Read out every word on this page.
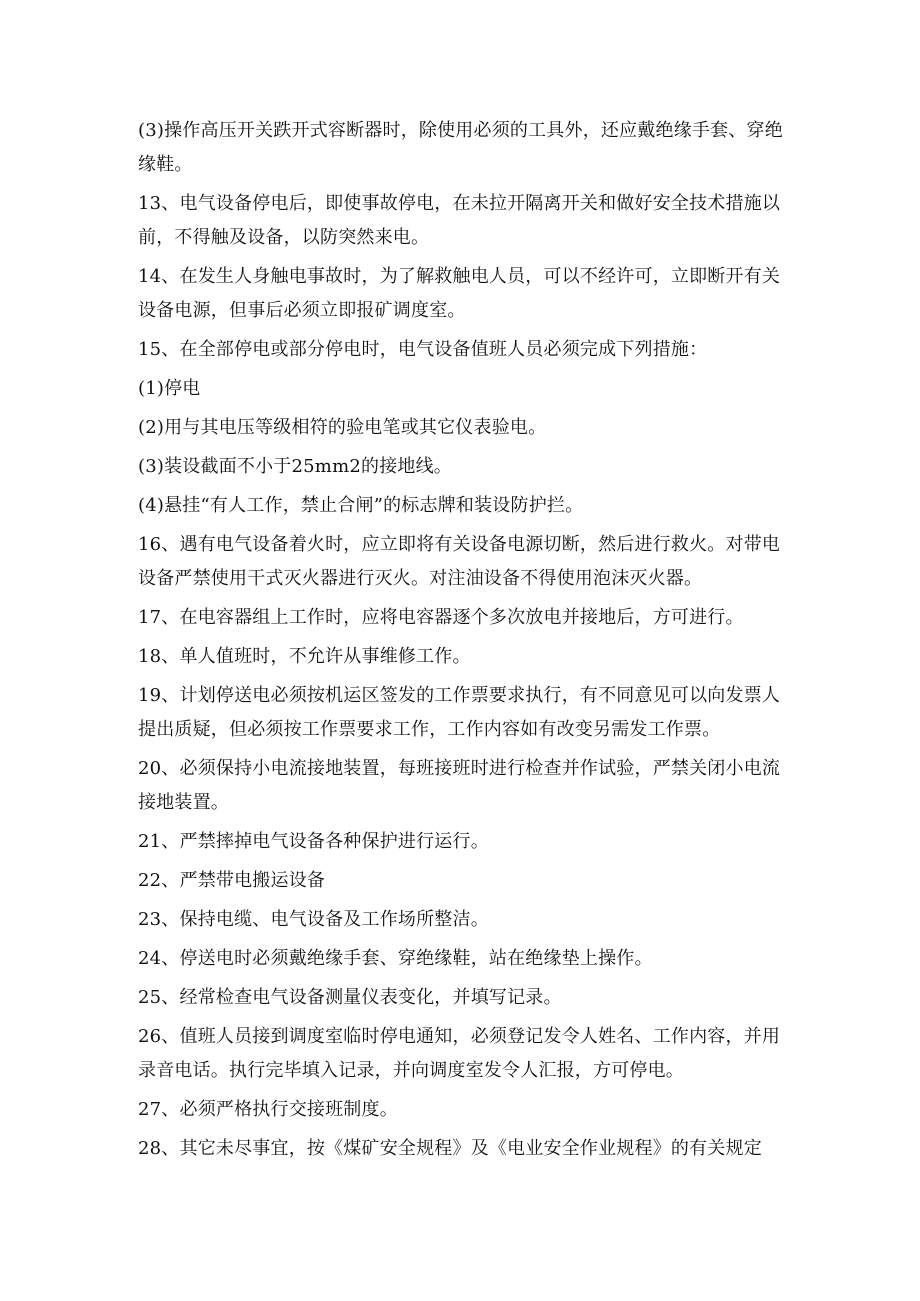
(3)操作高压开关跌开式容断器时，除使用必须的工具外，还应戴绝缘手套、穿绝缘鞋。

13、电气设备停电后，即使事故停电，在未拉开隔离开关和做好安全技术措施以前，不得触及设备，以防突然来电。

14、在发生人身触电事故时，为了解救触电人员，可以不经许可，立即断开有关设备电源，但事后必须立即报矿调度室。

15、在全部停电或部分停电时，电气设备值班人员必须完成下列措施：

(1)停电

(2)用与其电压等级相符的验电笔或其它仪表验电。

(3)装设截面不小于25mm2的接地线。

(4)悬挂“有人工作，禁止合闸”的标志牌和装设防护拦。

16、遇有电气设备着火时，应立即将有关设备电源切断，然后进行救火。对带电设备严禁使用干式灭火器进行灭火。对注油设备不得使用泡沫灭火器。

17、在电容器组上工作时，应将电容器逐个多次放电并接地后，方可进行。

18、单人值班时，不允许从事维修工作。

19、计划停送电必须按机运区签发的工作票要求执行，有不同意见可以向发票人提出质疑，但必须按工作票要求工作，工作内容如有改变另需发工作票。

20、必须保持小电流接地装置，每班接班时进行检查并作试验，严禁关闭小电流接地装置。

21、严禁摔掉电气设备各种保护进行运行。

22、严禁带电搬运设备

23、保持电缆、电气设备及工作场所整洁。

24、停送电时必须戴绝缘手套、穿绝缘鞋，站在绝缘垫上操作。

25、经常检查电气设备测量仪表变化，并填写记录。

26、值班人员接到调度室临时停电通知，必须登记发令人姓名、工作内容，并用录音电话。执行完毕填入记录，并向调度室发令人汇报，方可停电。

27、必须严格执行交接班制度。

28、其它未尽事宜，按《煤矿安全规程》及《电业安全作业规程》的有关规定
